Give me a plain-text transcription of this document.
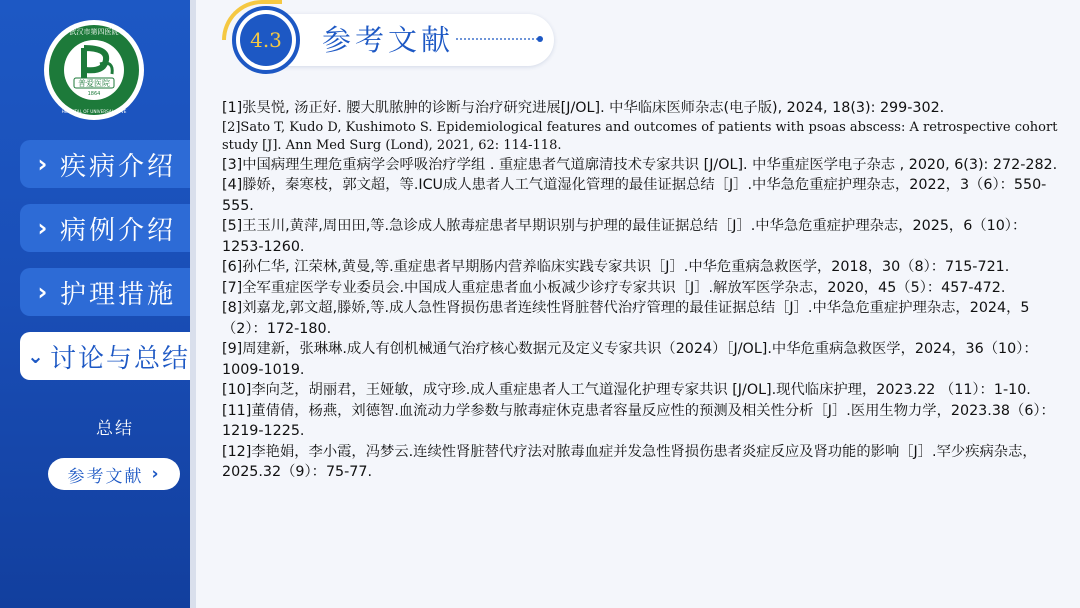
普爱医院
1864
武汉市第四医院
HOSPITAL OF UNIVERSAL LOVE
› 疾病介绍
› 病例介绍
› 护理措施
⌄ 讨论与总结
总结
参考文献 ›
4.3	参考文献

[1]张昊悦, 汤正好. 腰大肌脓肿的诊断与治疗研究进展[J/OL]. 中华临床医师杂志(电子版), 2024, 18(3): 299-302.

[2]Sato T, Kudo D, Kushimoto S. Epidemiological features and outcomes of patients with psoas abscess: A retrospective cohort study [J]. Ann Med Surg (Lond), 2021, 62: 114-118.

[3]中国病理生理危重病学会呼吸治疗学组 . 重症患者气道廓清技术专家共识 [J/OL]. 中华重症医学电子杂志 , 2020, 6(3): 272-282.

[4]滕娇，秦寒枝，郭文超，等.ICU成人患者人工气道湿化管理的最佳证据总结［J］.中华急危重症护理杂志，2022，3（6）：550-555.

[5]王玉川,黄萍,周田田,等.急诊成人脓毒症患者早期识别与护理的最佳证据总结［J］.中华急危重症护理杂志，2025，6（10）：1253-1260.

[6]孙仁华, 江荣林,黄曼,等.重症患者早期肠内营养临床实践专家共识［J］.中华危重病急救医学，2018，30（8）：715-721.

[7]全军重症医学专业委员会.中国成人重症患者血小板减少诊疗专家共识［J］.解放军医学杂志，2020，45（5）：457-472.

[8]刘嘉龙,郭文超,滕娇,等.成人急性肾损伤患者连续性肾脏替代治疗管理的最佳证据总结［J］.中华急危重症护理杂志，2024，5（2）：172-180.

[9]周建新，张琳琳.成人有创机械通气治疗核心数据元及定义专家共识（2024）［J/OL].中华危重病急救医学，2024，36（10）：1009-1019.

[10]李向芝，胡丽君，王娅敏，成守珍.成人重症患者人工气道湿化护理专家共识 [J/OL].现代临床护理，2023.22 （11）：1-10.

[11]董倩倩，杨燕，刘德智.血流动力学参数与脓毒症休克患者容量反应性的预测及相关性分析［J］.医用生物力学，2023.38（6）：1219-1225.

[12]李艳娟，李小霞，冯梦云.连续性肾脏替代疗法对脓毒血症并发急性肾损伤患者炎症反应及肾功能的影响［J］.罕少疾病杂志，2025.32（9）：75-77.
